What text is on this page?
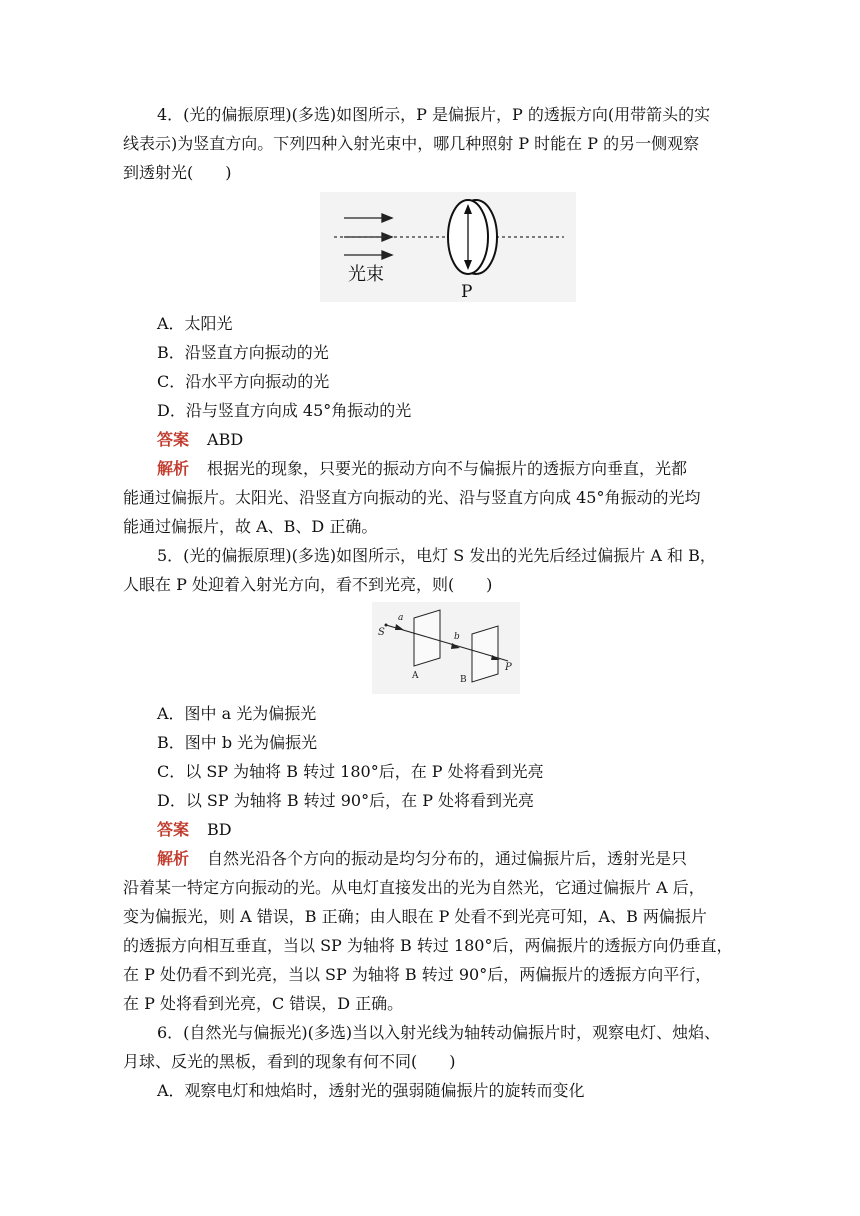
4．(光的偏振原理)(多选)如图所示，P 是偏振片，P 的透振方向(用带箭头的实
线表示)为竖直方向。下列四种入射光束中，哪几种照射 P 时能在 P 的另一侧观察
到透射光(　　)
光束
P
A．太阳光
B．沿竖直方向振动的光
C．沿水平方向振动的光
D．沿与竖直方向成 45°角振动的光
答案 ABD
解析 根据光的现象，只要光的振动方向不与偏振片的透振方向垂直，光都
能通过偏振片。太阳光、沿竖直方向振动的光、沿与竖直方向成 45°角振动的光均
能通过偏振片，故 A、B、D 正确。
5．(光的偏振原理)(多选)如图所示，电灯 S 发出的光先后经过偏振片 A 和 B，
人眼在 P 处迎着入射光方向，看不到光亮，则(　　)
S
a
b
A	B
P
A．图中 a 光为偏振光
B．图中 b 光为偏振光
C．以 SP 为轴将 B 转过 180°后，在 P 处将看到光亮
D．以 SP 为轴将 B 转过 90°后，在 P 处将看到光亮
答案 BD
解析 自然光沿各个方向的振动是均匀分布的，通过偏振片后，透射光是只
沿着某一特定方向振动的光。从电灯直接发出的光为自然光，它通过偏振片 A 后，
变为偏振光，则 A 错误，B 正确；由人眼在 P 处看不到光亮可知，A、B 两偏振片
的透振方向相互垂直，当以 SP 为轴将 B 转过 180°后，两偏振片的透振方向仍垂直，
在 P 处仍看不到光亮，当以 SP 为轴将 B 转过 90°后，两偏振片的透振方向平行，
在 P 处将看到光亮，C 错误，D 正确。
6．(自然光与偏振光)(多选)当以入射光线为轴转动偏振片时，观察电灯、烛焰、
月球、反光的黑板，看到的现象有何不同(　　)
A．观察电灯和烛焰时，透射光的强弱随偏振片的旋转而变化
